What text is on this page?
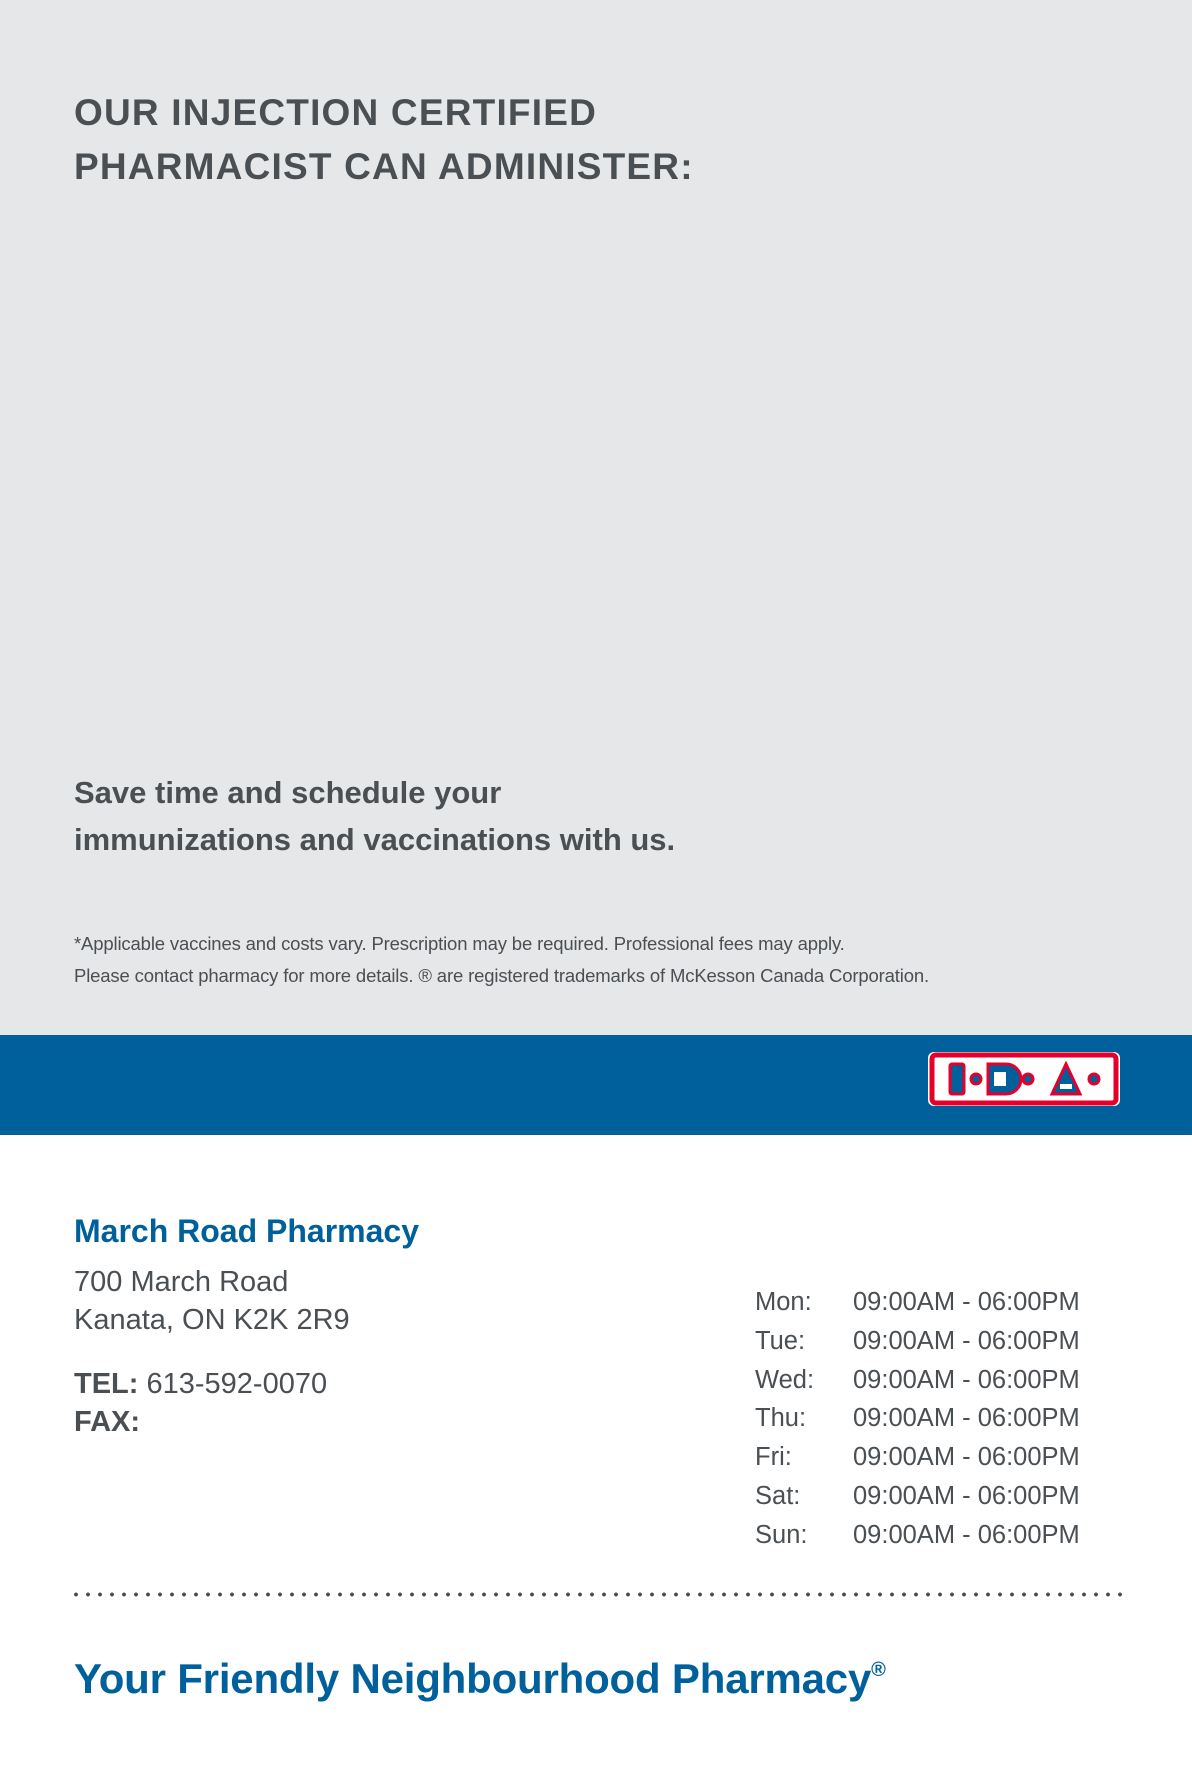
OUR INJECTION CERTIFIED
PHARMACIST CAN ADMINISTER:
Save time and schedule your
immunizations and vaccinations with us.
*Applicable vaccines and costs vary. Prescription may be required. Professional fees may apply.
Please contact pharmacy for more details. ® are registered trademarks of McKesson Canada Corporation.
March Road Pharmacy
700 March Road
Kanata, ON K2K 2R9
TEL: 613-592-0070
FAX:
Mon:	09:00AM - 06:00PM
Tue:	09:00AM - 06:00PM
Wed:	09:00AM - 06:00PM
Thu:	09:00AM - 06:00PM
Fri:	09:00AM - 06:00PM
Sat:	09:00AM - 06:00PM
Sun:	09:00AM - 06:00PM
Your Friendly Neighbourhood Pharmacy®
